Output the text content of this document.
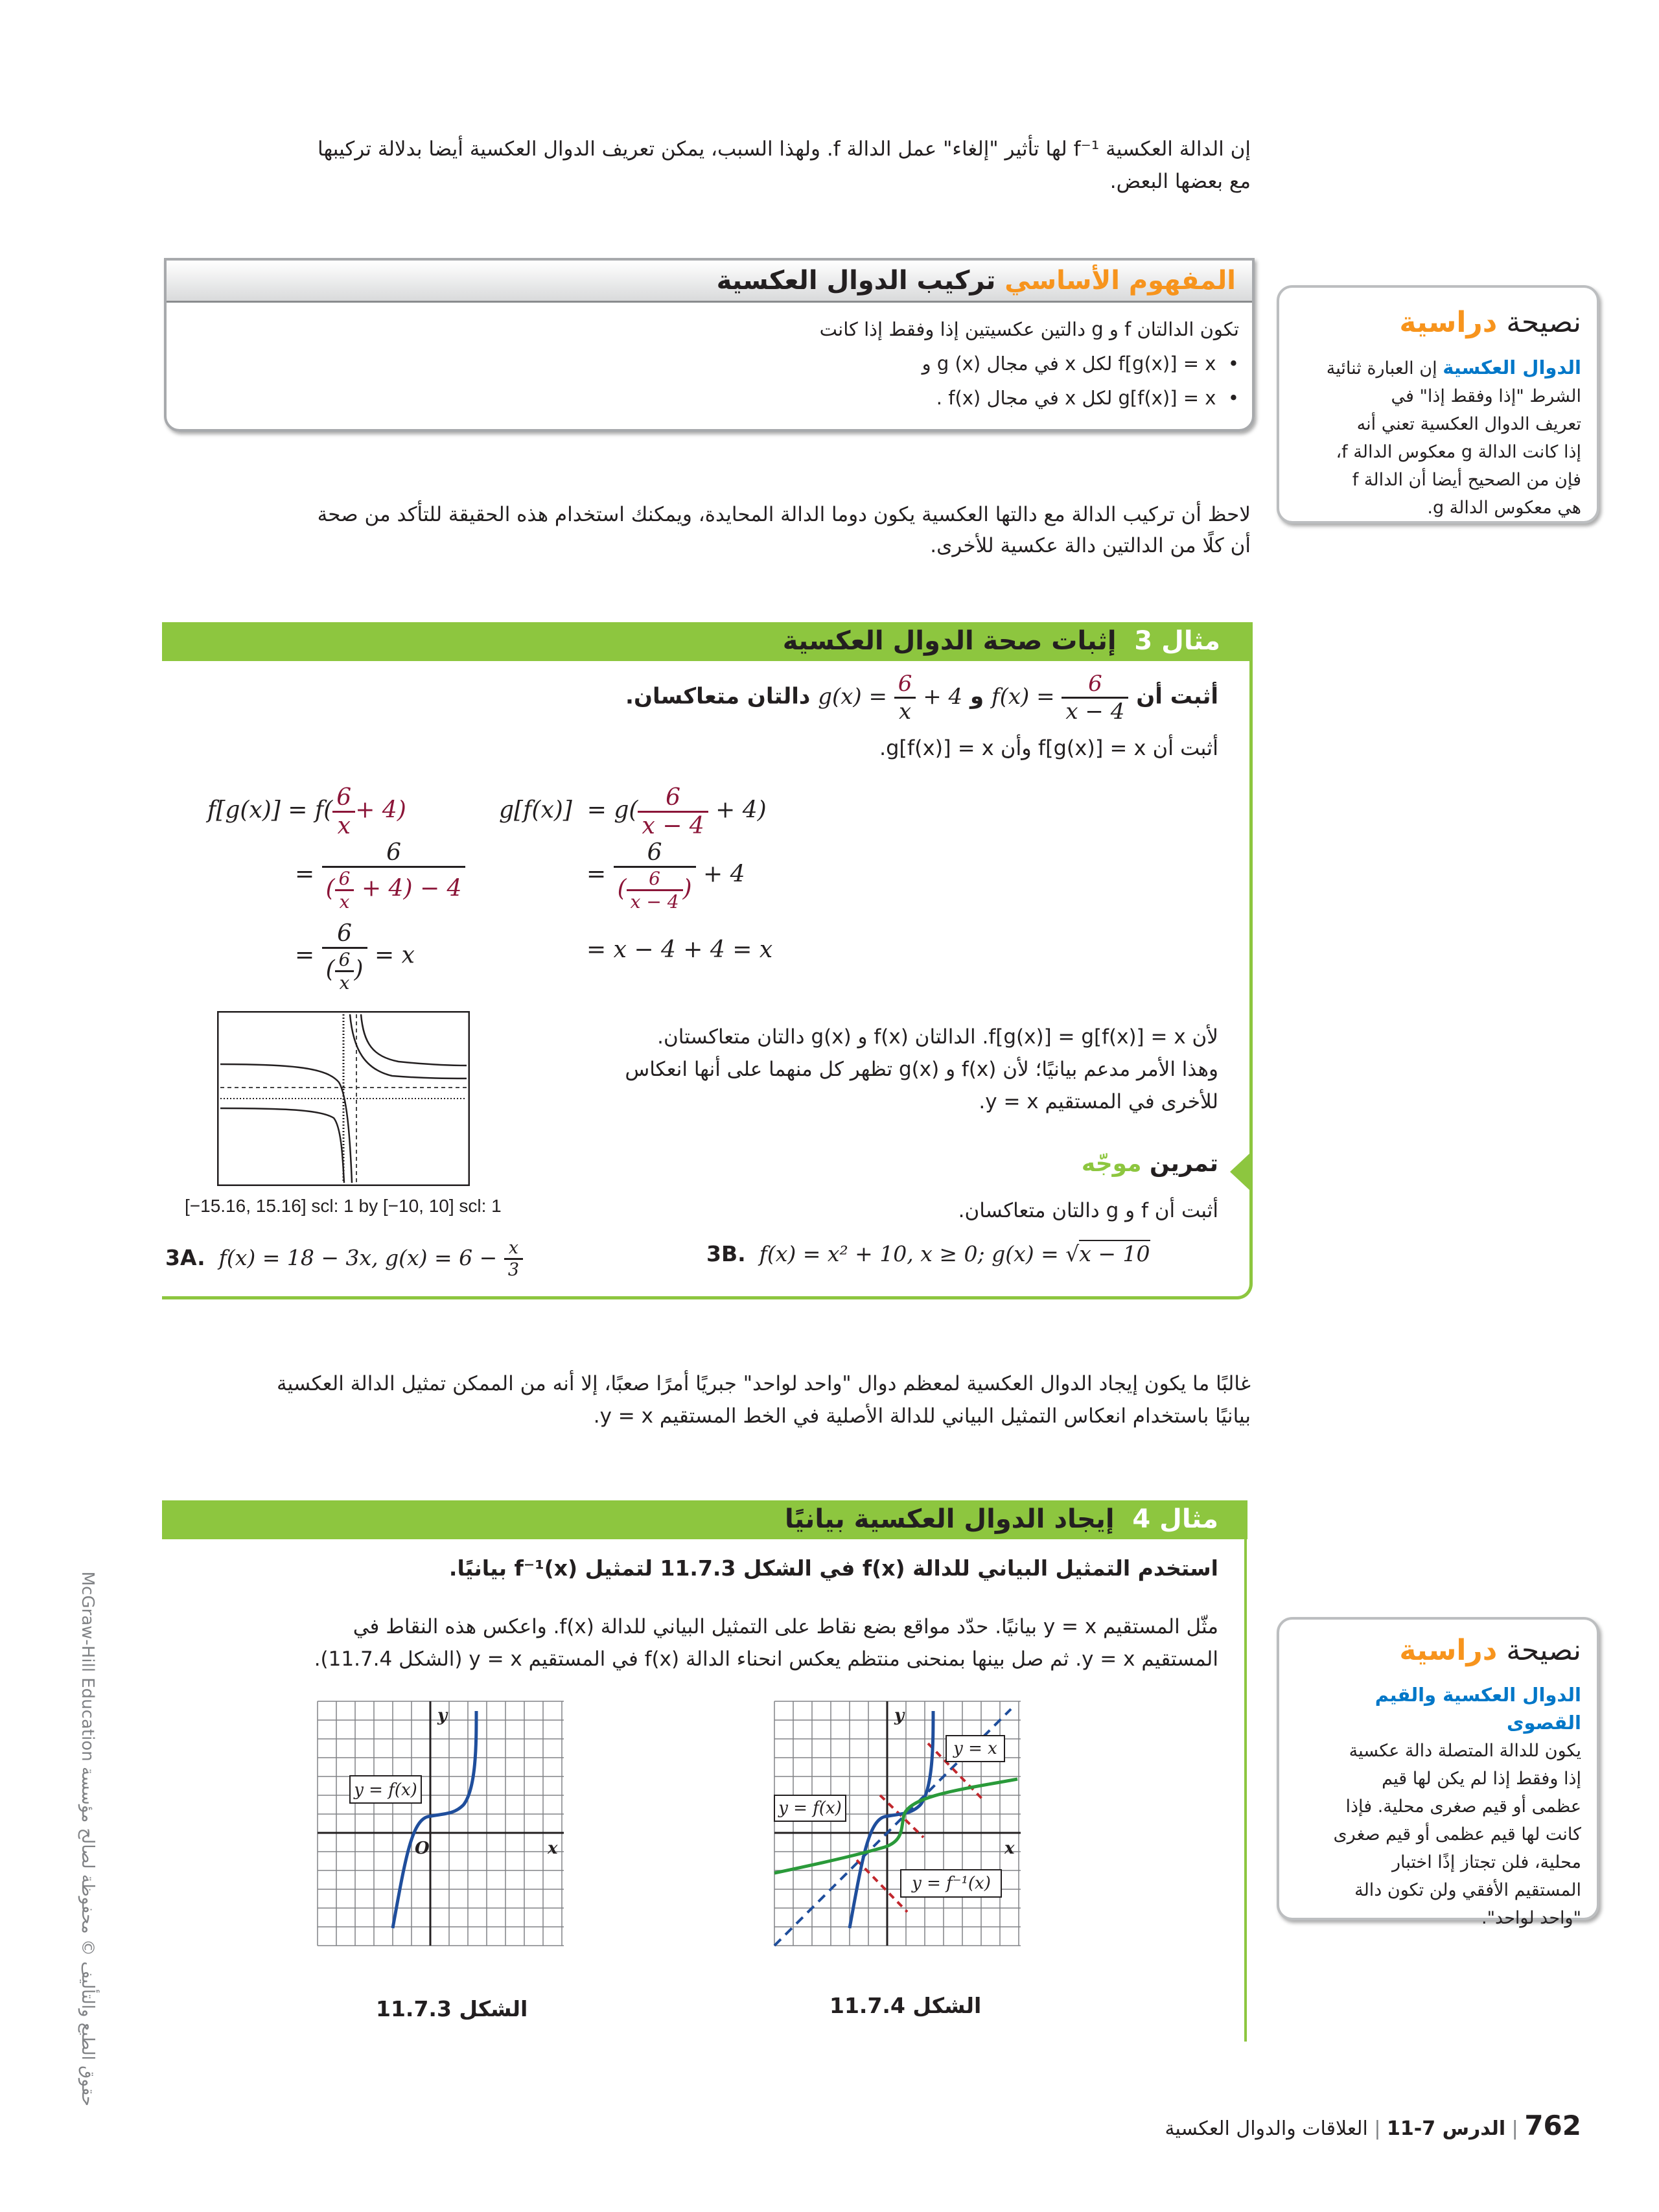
إن الدالة العكسية f⁻¹ لها تأثير "إلغاء" عمل الدالة f. ولهذا السبب، يمكن تعريف الدوال العكسية أيضا بدلالة تركيبها

مع بعضها البعض.

المفهوم الأساسي تركيب الدوال العكسية

تكون الدالتان f و g دالتين عكسيتين إذا وفقط إذا كانت

•  f[g(x)] = x لكل x في مجال g (x) و

•  g[f(x)] = x لكل x في مجال f(x) .

نصيحة دراسية

الدوال العكسية إن العبارة ثنائية

الشرط "إذا وفقط إذا" في

تعريف الدوال العكسية تعني أنه

إذا كانت الدالة g معكوس الدالة f،

فإن من الصحيح أيضا أن الدالة f

هي معكوس الدالة g.

لاحظ أن تركيب الدالة مع دالتها العكسية يكون دوما الدالة المحايدة، ويمكنك استخدام هذه الحقيقة للتأكد من صحة

أن كلًا من الدالتين دالة عكسية للأخرى.

مثال 3  إثبات صحة الدوال العكسية
أثبت أن $f(x) = \frac{6}{x - 4}$
و $g(x) = \frac{6}{x} + 4$ دالتان متعاكسان.
أثبت أن f[g(x)] = x وأن g[f(x)] = x.
$f[g(x)] = f( \frac{6}{x} + 4)$
= $\frac{6}{( \frac{6}{x} + 4) - 4}$
= $\frac{6}{( \frac{6}{x} )} = x$
$g[f(x)] = g( \frac{6}{x - 4} + 4)$
= $\frac{6}{( \frac{6}{x - 4} )} + 4$
= x − 4 + 4 = x
[−15.16, 15.16] scl: 1 by [−10, 10] scl: 1

لأن f[g(x)] = g[f(x)] = x. الدالتان f(x) و g(x) دالتان متعاكستان.

وهذا الأمر مدعم بيانيًا؛ لأن f(x) و g(x) تظهر كل منهما على أنها انعكاس

للأخرى في المستقيم y = x.

تمرين موجّه
أثبت أن f و g دالتان متعاكسان.
3A. f(x) = 18 − 3x, $g(x) = 6 - \frac{x}{3}$	3B. f(x) = x² + 10, x ≥ 0; g(x) = √x − 10

غالبًا ما يكون إيجاد الدوال العكسية لمعظم دوال "واحد لواحد" جبريًا أمرًا صعبًا، إلا أنه من الممكن تمثيل الدالة العكسية

بيانيًا باستخدام انعكاس التمثيل البياني للدالة الأصلية في الخط المستقيم y = x.

حقوق الطبع والتأليف © محفوظة لصالح مؤسسة McGraw-Hill Education
مثال 4  إيجاد الدوال العكسية بيانيًا
استخدم التمثيل البياني للدالة f(x) في الشكل 11.7.3 لتمثيل f⁻¹(x) بيانيًا.

مثّل المستقيم y = x بيانيًا. حدّد مواقع بضع نقاط على التمثيل البياني للدالة f(x). واعكس هذه النقاط في

المستقيم y = x. ثم صل بينها بمنحنى منتظم يعكس انحناء الدالة f(x) في المستقيم y = x (الشكل 11.7.4).

y = f(x)
y
x
O
الشكل 11.7.3
y = x
y = f(x)
y = f⁻¹(x)
y
x
الشكل 11.7.4
نصيحة دراسية

الدوال العكسية والقيم القصوى

يكون للدالة المتصلة دالة عكسية

إذا وفقط إذا لم يكن لها قيم

عظمى أو قيم صغرى محلية. فإذا

كانت لها قيم عظمى أو قيم صغرى

محلية، فلن تجتاز إذًا اختبار

المستقيم الأفقي ولن تكون دالة

"واحد لواحد".

762 | الدرس 7-11 | العلاقات والدوال العكسية
